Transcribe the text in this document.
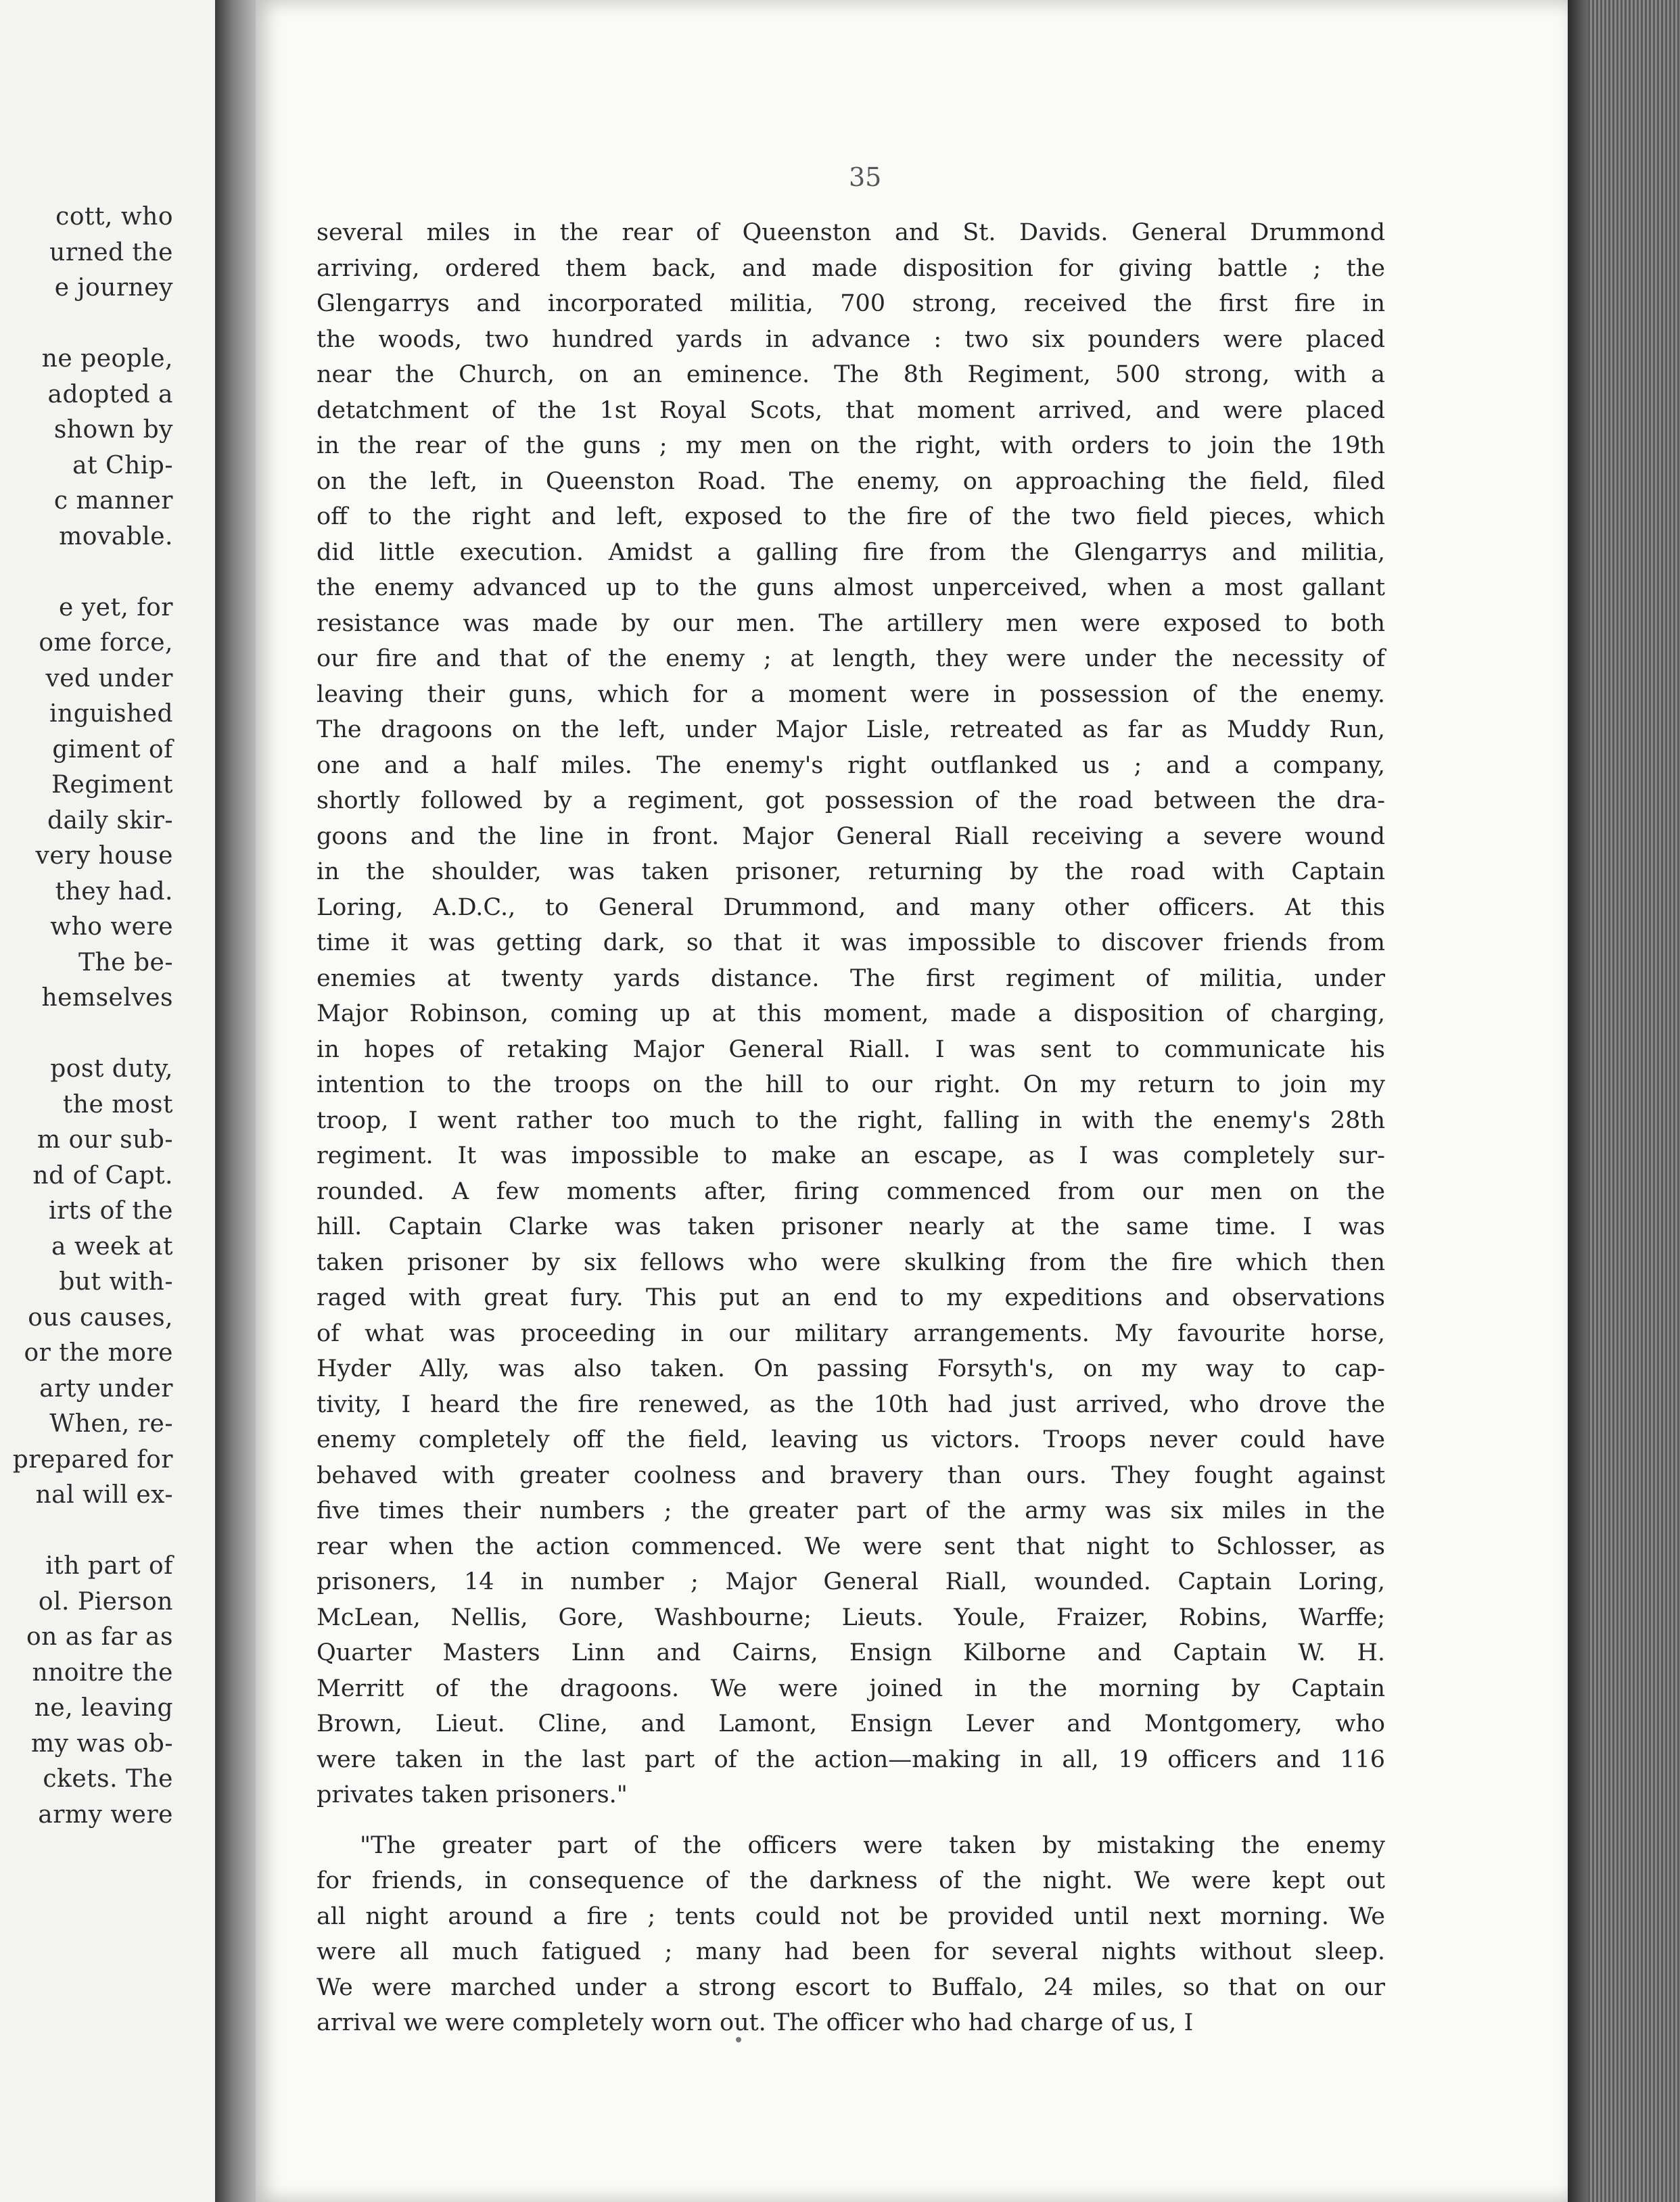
cott, who
urned the
e journey
ne people,
adopted a
shown by
at Chip-
c manner
movable.
e yet, for
ome force,
ved under
inguished
giment of
Regiment
daily skir-
very house
they had.
who were
The be-
hemselves
post duty,
the most
m our sub-
nd of Capt.
irts of the
a week at
but with-
ous causes,
or the more
arty under
When, re-
prepared for
nal will ex-
ith part of
ol. Pierson
on as far as
nnoitre the
ne, leaving
my was ob-
ckets. The
army were
35
several miles in the rear of Queenston and St. Davids. General Drummond
arriving, ordered them back, and made disposition for giving battle ; the
Glengarrys and incorporated militia, 700 strong, received the first fire in
the woods, two hundred yards in advance : two six pounders were placed
near the Church, on an eminence. The 8th Regiment, 500 strong, with a
detatchment of the 1st Royal Scots, that moment arrived, and were placed
in the rear of the guns ; my men on the right, with orders to join the 19th
on the left, in Queenston Road. The enemy, on approaching the field, filed
off to the right and left, exposed to the fire of the two field pieces, which
did little execution. Amidst a galling fire from the Glengarrys and militia,
the enemy advanced up to the guns almost unperceived, when a most gallant
resistance was made by our men. The artillery men were exposed to both
our fire and that of the enemy ; at length, they were under the necessity of
leaving their guns, which for a moment were in possession of the enemy.
The dragoons on the left, under Major Lisle, retreated as far as Muddy Run,
one and a half miles. The enemy's right outflanked us ; and a company,
shortly followed by a regiment, got possession of the road between the dra-
goons and the line in front. Major General Riall receiving a severe wound
in the shoulder, was taken prisoner, returning by the road with Captain
Loring, A.D.C., to General Drummond, and many other officers. At this
time it was getting dark, so that it was impossible to discover friends from
enemies at twenty yards distance. The first regiment of militia, under
Major Robinson, coming up at this moment, made a disposition of charging,
in hopes of retaking Major General Riall. I was sent to communicate his
intention to the troops on the hill to our right. On my return to join my
troop, I went rather too much to the right, falling in with the enemy's 28th
regiment. It was impossible to make an escape, as I was completely sur-
rounded. A few moments after, firing commenced from our men on the
hill. Captain Clarke was taken prisoner nearly at the same time. I was
taken prisoner by six fellows who were skulking from the fire which then
raged with great fury. This put an end to my expeditions and observations
of what was proceeding in our military arrangements. My favourite horse,
Hyder Ally, was also taken. On passing Forsyth's, on my way to cap-
tivity, I heard the fire renewed, as the 10th had just arrived, who drove the
enemy completely off the field, leaving us victors. Troops never could have
behaved with greater coolness and bravery than ours. They fought against
five times their numbers ; the greater part of the army was six miles in the
rear when the action commenced. We were sent that night to Schlosser, as
prisoners, 14 in number ; Major General Riall, wounded. Captain Loring,
McLean, Nellis, Gore, Washbourne; Lieuts. Youle, Fraizer, Robins, Warffe;
Quarter Masters Linn and Cairns, Ensign Kilborne and Captain W. H.
Merritt of the dragoons. We were joined in the morning by Captain
Brown, Lieut. Cline, and Lamont, Ensign Lever and Montgomery, who
were taken in the last part of the action—making in all, 19 officers and 116
privates taken prisoners."
"The greater part of the officers were taken by mistaking the enemy
for friends, in consequence of the darkness of the night. We were kept out
all night around a fire ; tents could not be provided until next morning. We
were all much fatigued ; many had been for several nights without sleep.
We were marched under a strong escort to Buffalo, 24 miles, so that on our
arrival we were completely worn out. The officer who had charge of us, I
